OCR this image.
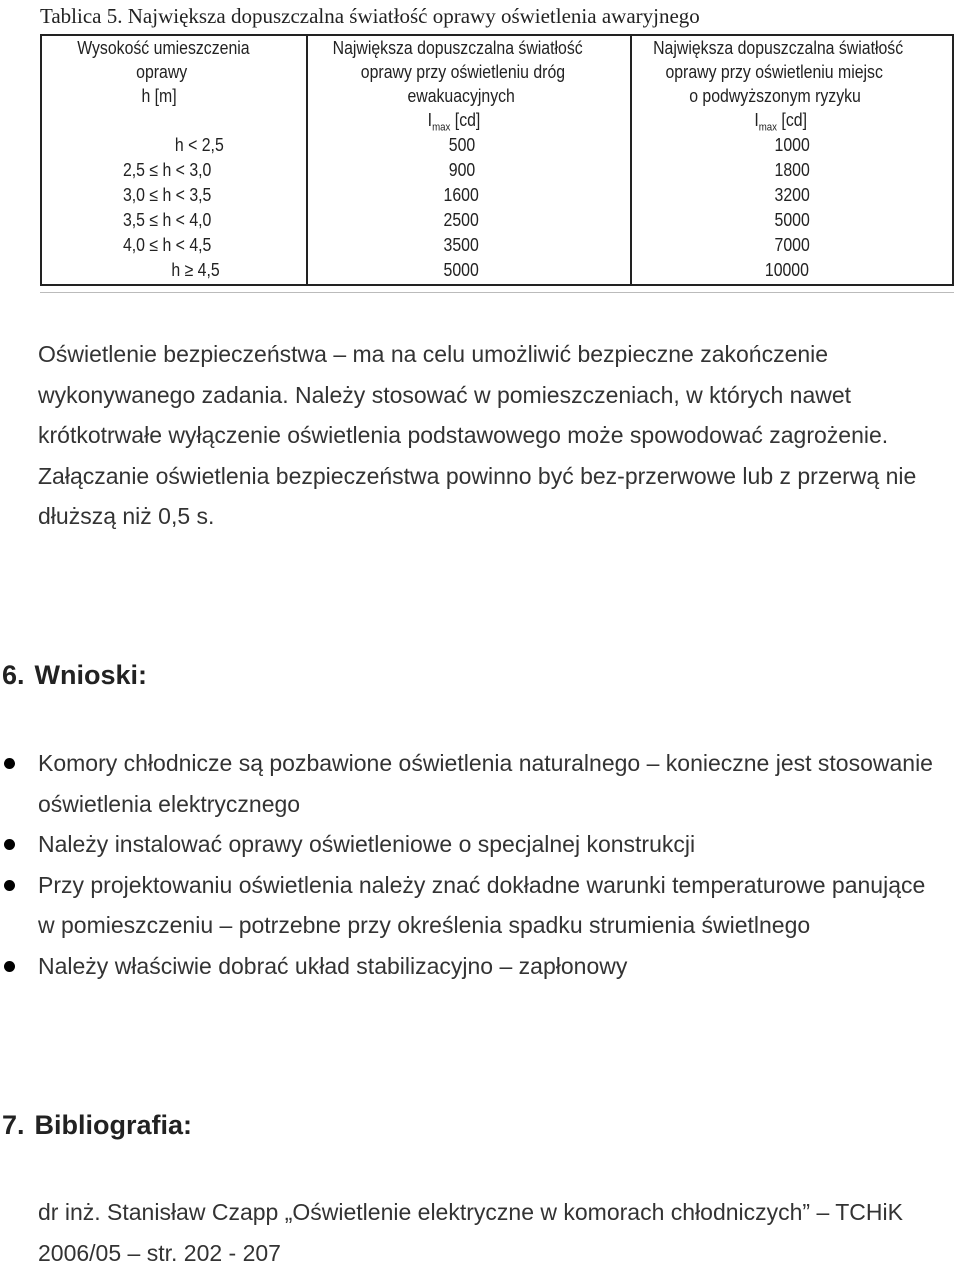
Tablica 5. Największa dopuszczalna światłość oprawy oświetlenia awaryjnego
Wysokość umieszczenia
oprawy
h [m]
h < 2,5
2,5 ≤ h < 3,0
3,0 ≤ h < 3,5
3,5 ≤ h < 4,0
4,0 ≤ h < 4,5
h ≥ 4,5
Największa dopuszczalna światłość
oprawy przy oświetleniu dróg
ewakuacyjnych
$I_{max}$ [cd]
500
900
1600
2500
3500
5000
Największa dopuszczalna światłość
oprawy przy oświetleniu miejsc
o podwyższonym ryzyku
$I_{max}$ [cd]
1000
1800
3200
5000
7000
10000

Oświetlenie bezpieczeństwa – ma na celu umożliwić bezpieczne zakończenie wykonywanego zadania. Należy stosować w pomieszczeniach, w których nawet krótkotrwałe wyłączenie oświetlenia podstawowego może spowodować zagrożenie. Załączanie oświetlenia bezpieczeństwa powinno być bez-przerwowe lub z przerwą nie dłuższą niż 0,5 s.

6. Wnioski:
Komory chłodnicze są pozbawione oświetlenia naturalnego – konieczne jest stosowanie oświetlenia elektrycznego
Należy instalować oprawy oświetleniowe o specjalnej konstrukcji
Przy projektowaniu oświetlenia należy znać dokładne warunki temperaturowe panujące w pomieszczeniu – potrzebne przy określenia spadku strumienia świetlnego
Należy właściwie dobrać układ stabilizacyjno – zapłonowy
7. Bibliografia:

dr inż. Stanisław Czapp „Oświetlenie elektryczne w komorach chłodniczych” – TCHiK 2006/05 – str. 202 - 207
